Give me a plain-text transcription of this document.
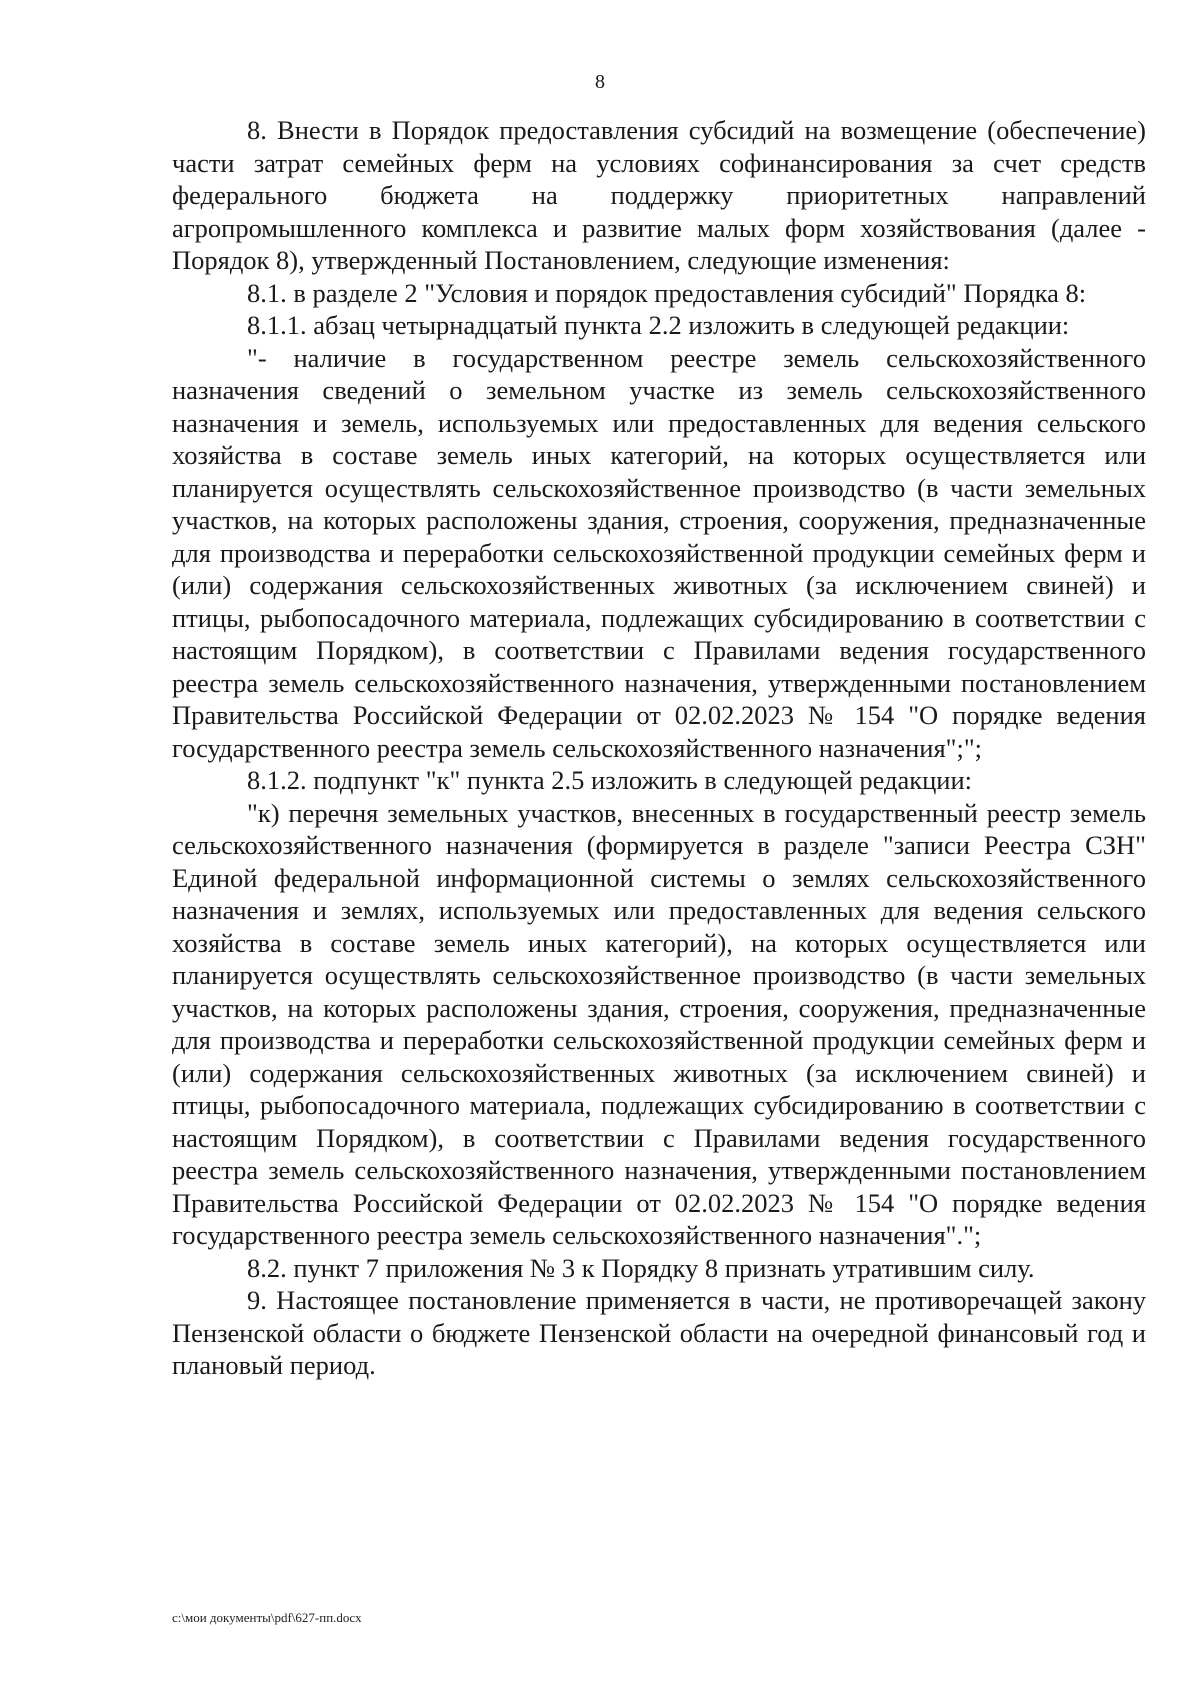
8

8. Внести в Порядок предоставления субсидий на возмещение (обеспечение) части затрат семейных ферм на условиях софинансирования за счет средств федерального бюджета на поддержку приоритетных направлений агропромышленного комплекса и развитие малых форм хозяйствования (далее - Порядок 8), утвержденный Постановлением, следующие изменения:

8.1. в разделе 2 "Условия и порядок предоставления субсидий" Порядка 8:

8.1.1. абзац четырнадцатый пункта 2.2 изложить в следующей редакции:

"- наличие в государственном реестре земель сельскохозяйственного назначения сведений о земельном участке из земель сельскохозяйственного назначения и земель, используемых или предоставленных для ведения сельского хозяйства в составе земель иных категорий, на которых осуществляется или планируется осуществлять сельскохозяйственное производство (в части земельных участков, на которых расположены здания, строения, сооружения, предназначенные для производства и переработки сельскохозяйственной продукции семейных ферм и (или) содержания сельскохозяйственных животных (за исключением свиней) и птицы, рыбопосадочного материала, подлежащих субсидированию в соответствии с настоящим Порядком), в соответствии с Правилами ведения государственного реестра земель сельскохозяйственного назначения, утвержденными постановлением Правительства Российской Федерации от 02.02.2023 № 154 "О порядке ведения государственного реестра земель сельскохозяйственного назначения";";

8.1.2. подпункт "к" пункта 2.5 изложить в следующей редакции:

"к) перечня земельных участков, внесенных в государственный реестр земель сельскохозяйственного назначения (формируется в разделе "записи Реестра СЗН" Единой федеральной информационной системы о землях сельскохозяйственного назначения и землях, используемых или предоставленных для ведения сельского хозяйства в составе земель иных категорий), на которых осуществляется или планируется осуществлять сельскохозяйственное производство (в части земельных участков, на которых расположены здания, строения, сооружения, предназначенные для производства и переработки сельскохозяйственной продукции семейных ферм и (или) содержания сельскохозяйственных животных (за исключением свиней) и птицы, рыбопосадочного материала, подлежащих субсидированию в соответствии с настоящим Порядком), в соответствии с Правилами ведения государственного реестра земель сельскохозяйственного назначения, утвержденными постановлением Правительства Российской Федерации от 02.02.2023 № 154 "О порядке ведения государственного реестра земель сельскохозяйственного назначения".";

8.2. пункт 7 приложения № 3 к Порядку 8 признать утратившим силу.

9. Настоящее постановление применяется в части, не противоречащей закону Пензенской области о бюджете Пензенской области на очередной финансовый год и плановый период.

c:\мои документы\pdf\627-пп.docx
